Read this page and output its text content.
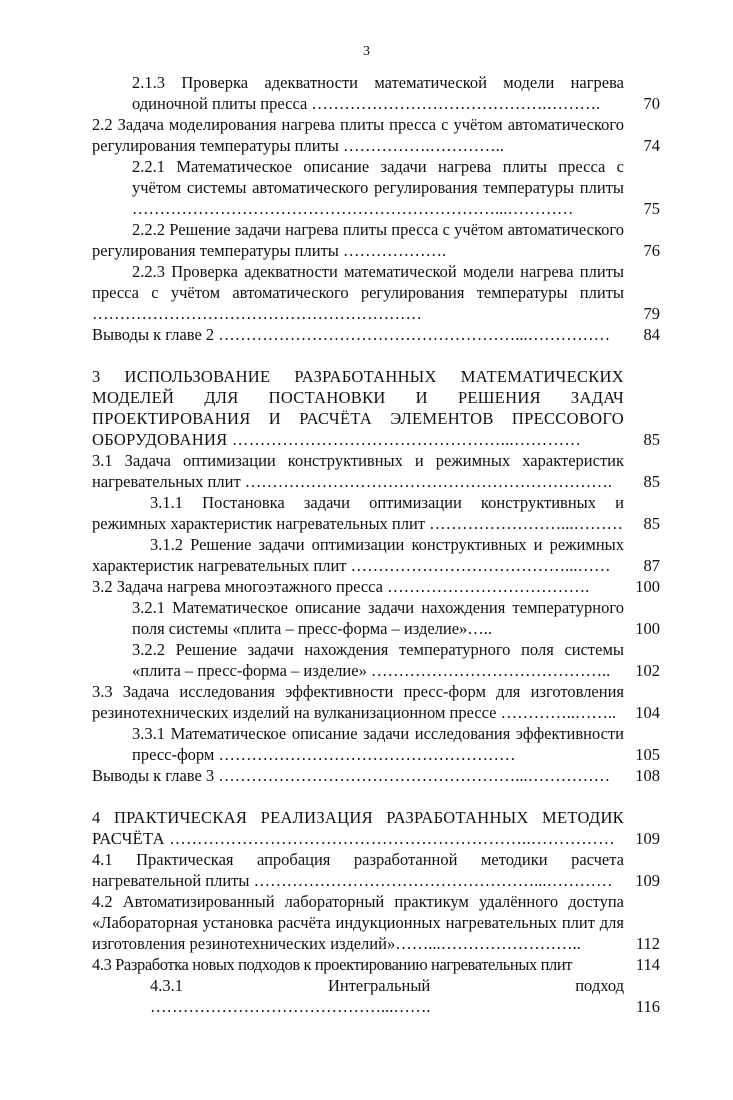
3
2.1.3 Проверка адекватности математической модели нагрева одиночной плиты пресса …………………………………….……….	70
2.2 Задача моделирования нагрева плиты пресса с учётом автоматического регулирования температуры плиты …………….…………..	74
2.2.1 Математическое описание задачи нагрева плиты пресса с учётом системы автоматического регулирования температуры плиты …………………………………………………………...…………	75
2.2.2 Решение задачи нагрева плиты пресса с учётом автоматического регулирования температуры плиты ……………….	76
2.2.3 Проверка адекватности математической модели нагрева плиты пресса с учётом автоматического регулирования температуры плиты ……………………………………………………	79
Выводы к главе 2 ………………………………………………...……………	84
3 ИСПОЛЬЗОВАНИЕ РАЗРАБОТАННЫХ МАТЕМАТИЧЕСКИХ МОДЕЛЕЙ ДЛЯ ПОСТАНОВКИ И РЕШЕНИЯ ЗАДАЧ ПРОЕКТИРОВАНИЯ И РАСЧЁТА ЭЛЕМЕНТОВ ПРЕССОВОГО ОБОРУДОВАНИЯ …………………………………………...…………	85
3.1 Задача оптимизации конструктивных и режимных характеристик нагревательных плит ………………………………………………………….	85
3.1.1 Постановка задачи оптимизации конструктивных и режимных характеристик нагревательных плит ……………………...………	85
3.1.2 Решение задачи оптимизации конструктивных и режимных характеристик нагревательных плит …………………………………...……	87
3.2 Задача нагрева многоэтажного пресса ……………………………….	100
3.2.1 Математическое описание задачи нахождения температурного поля системы «плита – пресс-форма – изделие»…..	100
3.2.2 Решение задачи нахождения температурного поля системы «плита – пресс-форма – изделие» ……………………………………..	102
3.3 Задача исследования эффективности пресс-форм для изготовления резинотехнических изделий на вулканизационном прессе …………..……..	104
3.3.1 Математическое описание задачи исследования эффективности пресс-форм ………………………………………………	105
Выводы к главе 3 ………………………………………………...……………	108
4 ПРАКТИЧЕСКАЯ РЕАЛИЗАЦИЯ РАЗРАБОТАННЫХ МЕТОДИК РАСЧЁТА ………………………………………………………..……………	109
4.1 Практическая апробация разработанной методики расчета нагревательной плиты ……………………………………………...…………	109
4.2 Автоматизированный лабораторный практикум удалённого доступа «Лабораторная установка расчёта индукционных нагревательных плит для изготовления резинотехнических изделий»……...……………………..	112
4.3 Разработка новых подходов к проектированию нагревательных плит	114
4.3.1 Интегральный подход ……………………………………...…….	116
